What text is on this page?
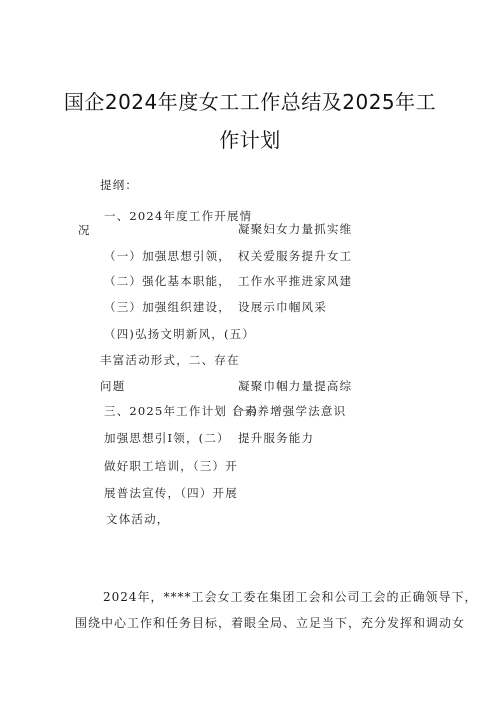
国企2024年度女工工作总结及2025年工
作计划
提纲：
一、2024年度工作开展情
况
（一）加强思想引领，
（二）强化基本职能，
（三）加强组织建设，
（四)弘扬文明新风，(五）
丰富活动形式，二、存在
问题
三、2025年工作计划（一)
加强思想引I领，(二）
做好职工培训，（三）开
展普法宣传，（四）开展
文体活动，
凝聚妇女力量抓实维
权关爱服务提升女工
工作水平推进家风建
设展示巾帼风采
凝聚巾帼力量提高综
合素养增强学法意识
提升服务能力
2024年，****工会女工委在集团工会和公司工会的正确领导下，
围绕中心工作和任务目标，着眼全局、立足当下，充分发挥和调动女
